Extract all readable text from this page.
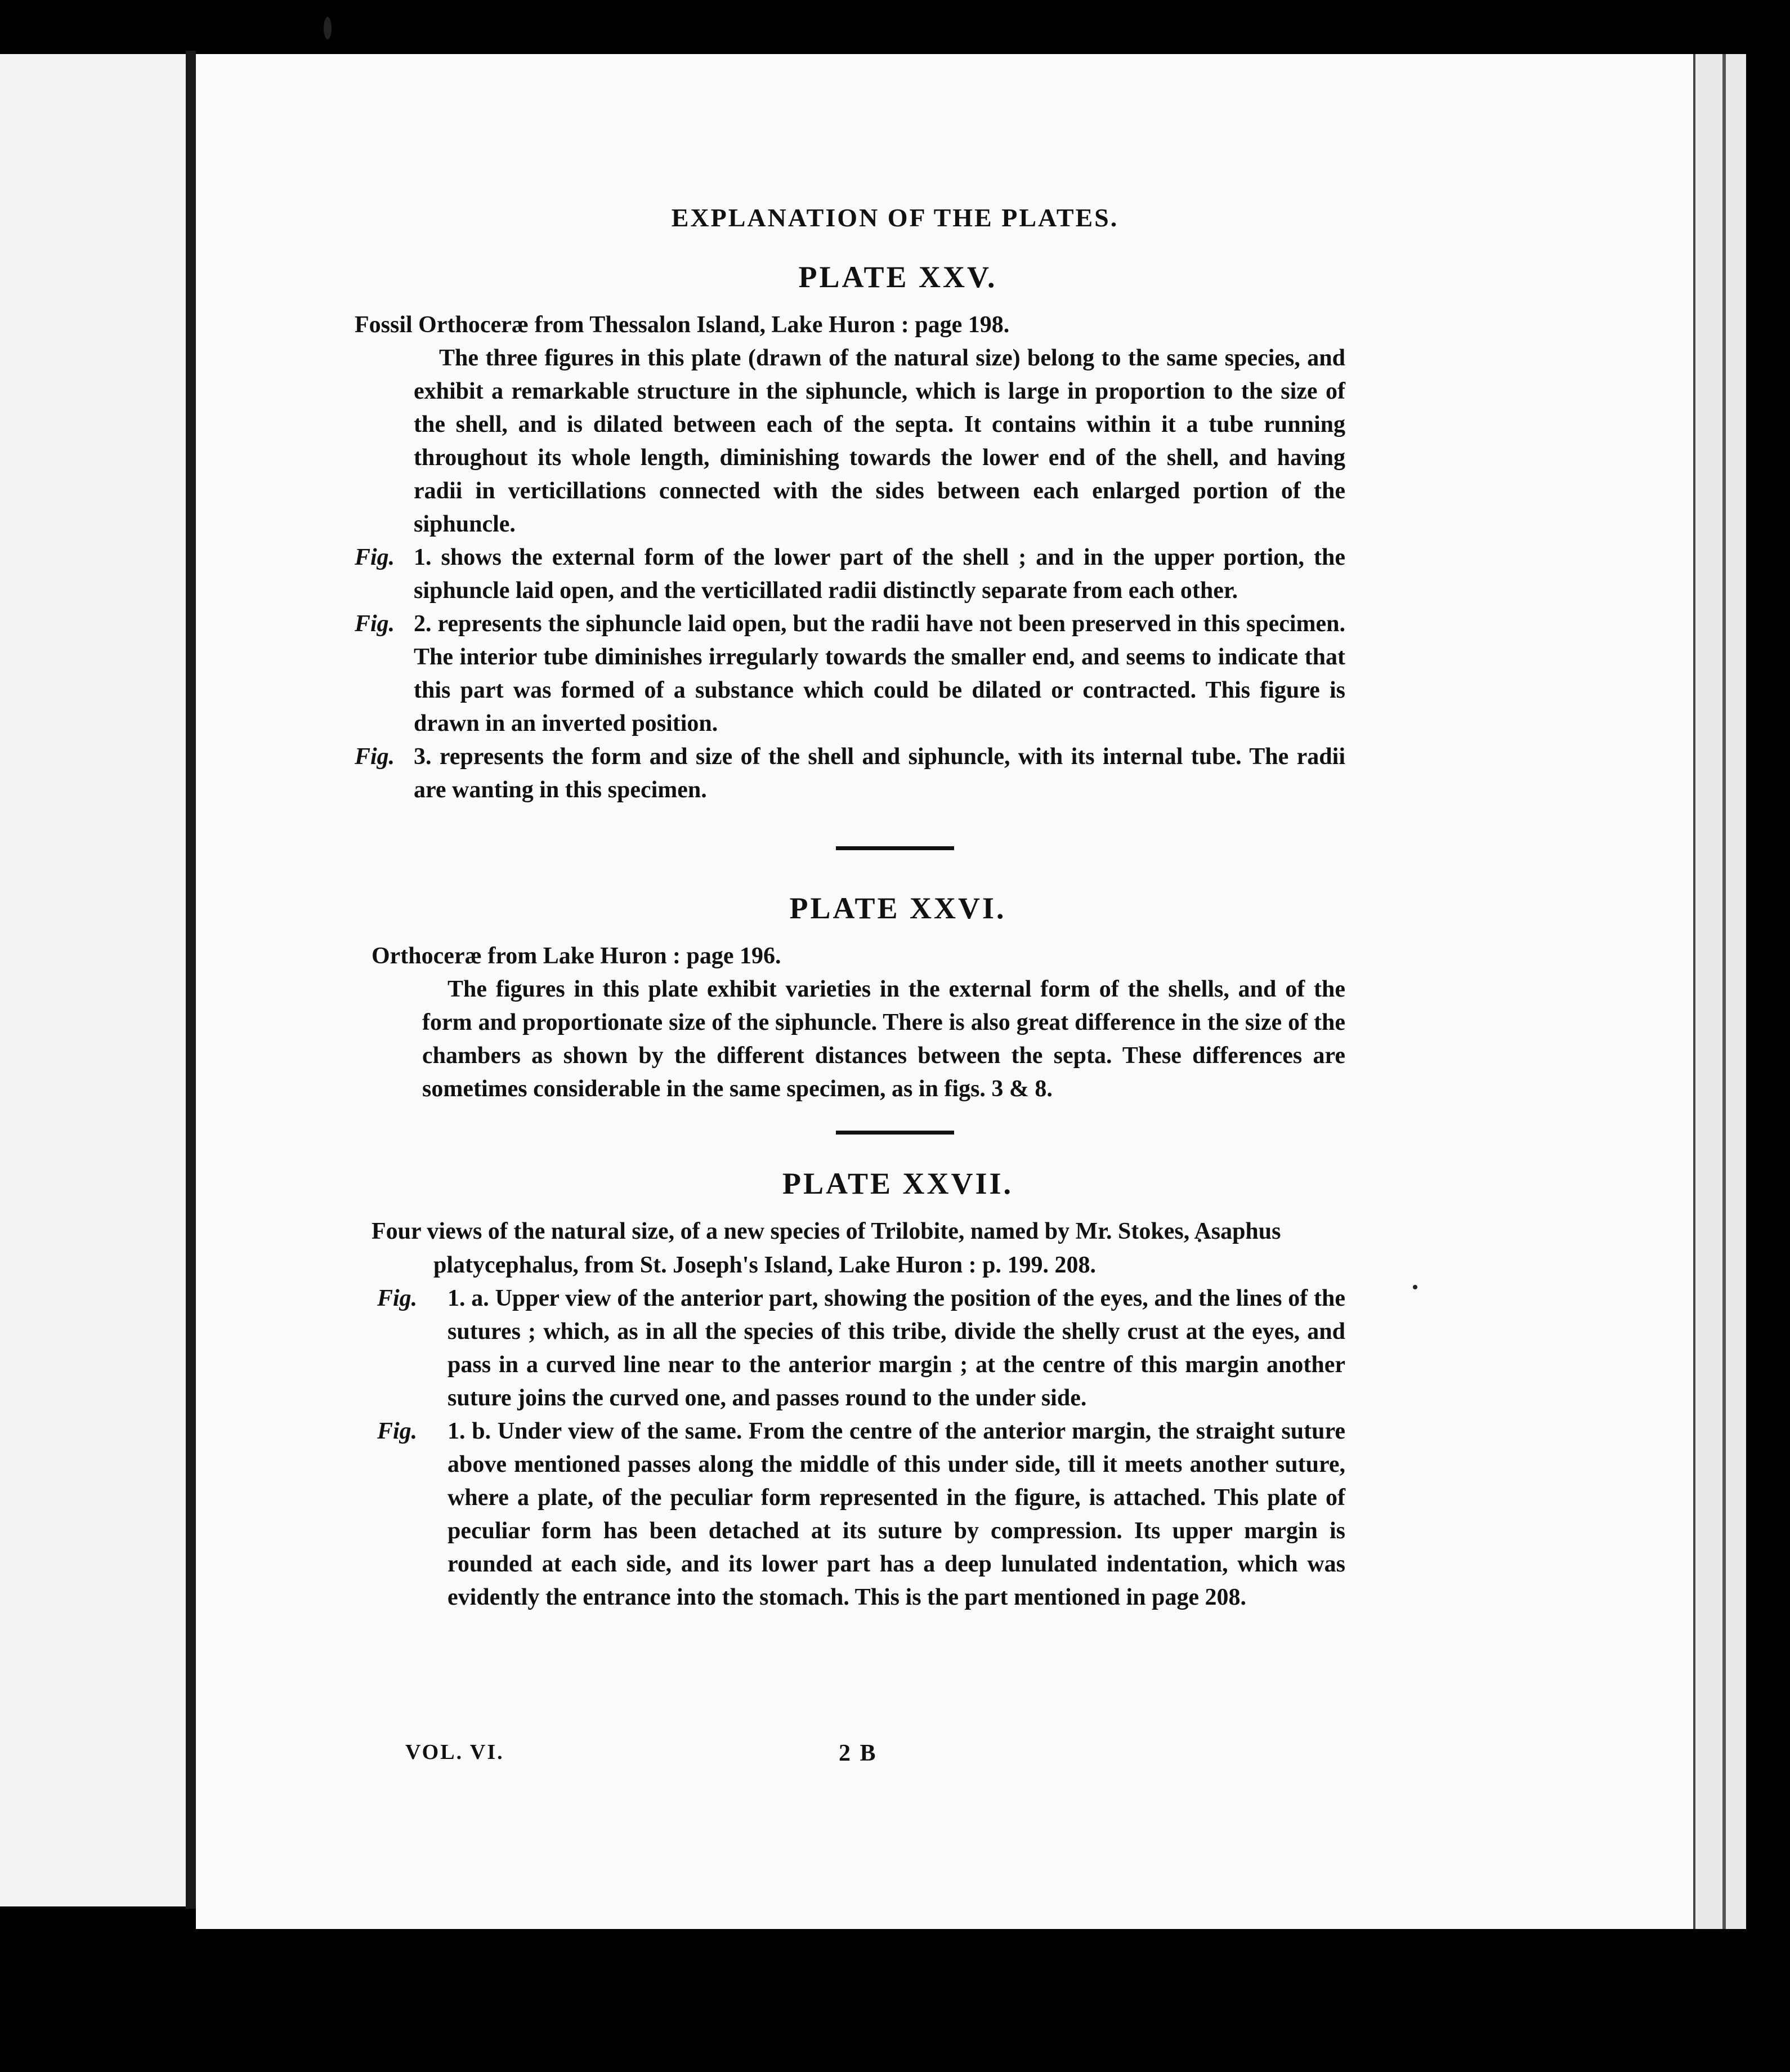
EXPLANATION OF THE PLATES.
PLATE XXV.

Fossil Orthoceræ from Thessalon Island, Lake Huron : page 198.

The three figures in this plate (drawn of the natural size) belong to the same species, and exhibit a remarkable structure in the siphuncle, which is large in proportion to the size of the shell, and is dilated between each of the septa. It contains within it a tube running throughout its whole length, diminishing towards the lower end of the shell, and having radii in verticillations connected with the sides between each enlarged portion of the siphuncle.

Fig. 1. shows the external form of the lower part of the shell ; and in the upper portion, the siphuncle laid open, and the verticillated radii distinctly separate from each other.
Fig. 2. represents the siphuncle laid open, but the radii have not been preserved in this specimen. The interior tube diminishes irregularly towards the smaller end, and seems to indicate that this part was formed of a substance which could be dilated or contracted. This figure is drawn in an inverted position.
Fig. 3. represents the form and size of the shell and siphuncle, with its internal tube. The radii are wanting in this specimen.
PLATE XXVI.

Orthoceræ from Lake Huron : page 196.

The figures in this plate exhibit varieties in the external form of the shells, and of the form and proportionate size of the siphuncle. There is also great difference in the size of the chambers as shown by the different distances between the septa. These differences are sometimes considerable in the same specimen, as in figs. 3 & 8.

PLATE XXVII.

Four views of the natural size, of a new species of Trilobite, named by Mr. Stokes, Asaphus platycephalus, from St. Joseph's Island, Lake Huron : p. 199. 208.

Fig. 1. a. Upper view of the anterior part, showing the position of the eyes, and the lines of the sutures ; which, as in all the species of this tribe, divide the shelly crust at the eyes, and pass in a curved line near to the anterior margin ; at the centre of this margin another suture joins the curved one, and passes round to the under side.
Fig. 1. b. Under view of the same. From the centre of the anterior margin, the straight suture above mentioned passes along the middle of this under side, till it meets another suture, where a plate, of the peculiar form represented in the figure, is attached. This plate of peculiar form has been detached at its suture by compression. Its upper margin is rounded at each side, and its lower part has a deep lunulated indentation, which was evidently the entrance into the stomach. This is the part mentioned in page 208.
VOL. VI.	2 B
